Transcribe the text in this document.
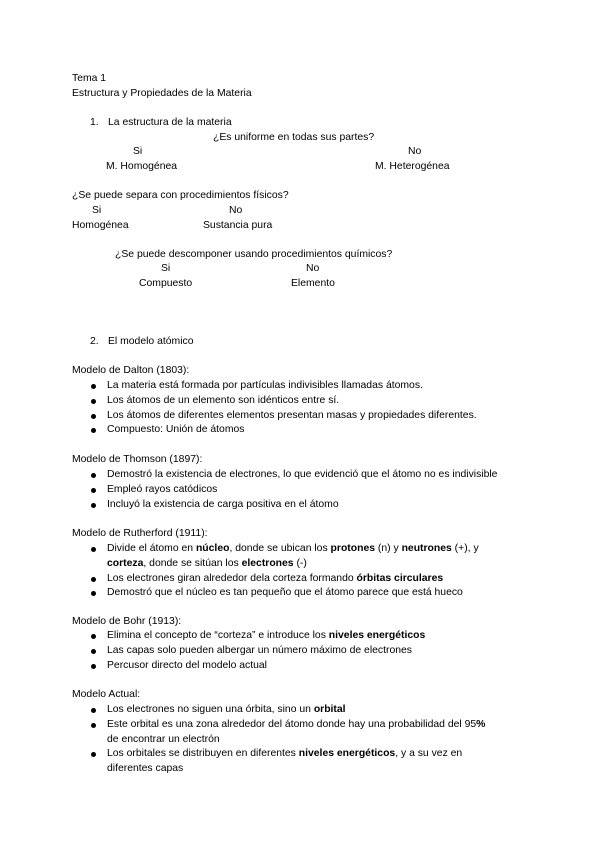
Tema 1
Estructura y Propiedades de la Materia
1. La estructura de la materia
¿Es uniforme en todas sus partes?
Si	No
M. Homogénea	M. Heterogénea
¿Se puede separa con procedimientos físicos?
Si	No
Homogénea	Sustancia pura
¿Se puede descomponer usando procedimientos químicos?
Si	No
Compuesto	Elemento
2. El modelo atómico
Modelo de Dalton (1803):
La materia está formada por partículas indivisibles llamadas átomos.
Los átomos de un elemento son idénticos entre sí.
Los átomos de diferentes elementos presentan masas y propiedades diferentes.
Compuesto: Unión de átomos
Modelo de Thomson (1897):
Demostró la existencia de electrones, lo que evidenció que el átomo no es indivisible
Empleó rayos catódicos
Incluyó la existencia de carga positiva en el átomo
Modelo de Rutherford (1911):
Divide el átomo en núcleo, donde se ubican los protones (n) y neutrones (+), y
corteza, donde se sitúan los electrones (-)
Los electrones giran alrededor dela corteza formando órbitas circulares
Demostró que el núcleo es tan pequeño que el átomo parece que está hueco
Modelo de Bohr (1913):
Elimina el concepto de “corteza” e introduce los niveles energéticos
Las capas solo pueden albergar un número máximo de electrones
Percusor directo del modelo actual
Modelo Actual:
Los electrones no siguen una órbita, sino un orbital
Este orbital es una zona alrededor del átomo donde hay una probabilidad del 95%
de encontrar un electrón
Los orbitales se distribuyen en diferentes niveles energéticos, y a su vez en
diferentes capas
